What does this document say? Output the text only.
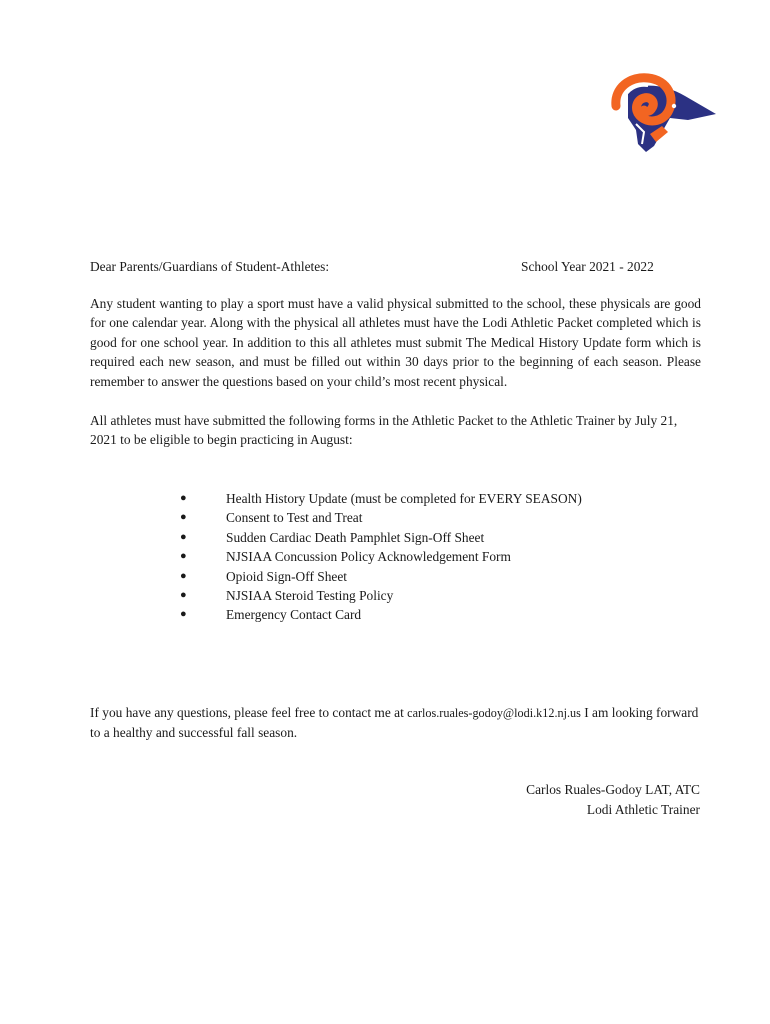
Dear Parents/Guardians of Student-Athletes:	School Year 2021 - 2022

Any student wanting to play a sport must have a valid physical submitted to the school, these physicals are good for one calendar year. Along with the physical all athletes must have the Lodi Athletic Packet completed which is good for one school year. In addition to this all athletes must submit The Medical History Update form which is required each new season, and must be filled out within 30 days prior to the beginning of each season. Please remember to answer the questions based on your child’s most recent physical.

All athletes must have submitted the following forms in the Athletic Packet to the Athletic Trainer by July 21, 2021 to be eligible to begin practicing in August:

●	Health History Update (must be completed for EVERY SEASON)
●	Consent to Test and Treat
●	Sudden Cardiac Death Pamphlet Sign-Off Sheet
●	NJSIAA Concussion Policy Acknowledgement Form
●	Opioid Sign-Off Sheet
●	NJSIAA Steroid Testing Policy
●	Emergency Contact Card

If you have any questions, please feel free to contact me at carlos.ruales-godoy@lodi.k12.nj.us I am looking forward to a healthy and successful fall season.

Carlos Ruales-Godoy LAT, ATC
Lodi Athletic Trainer
